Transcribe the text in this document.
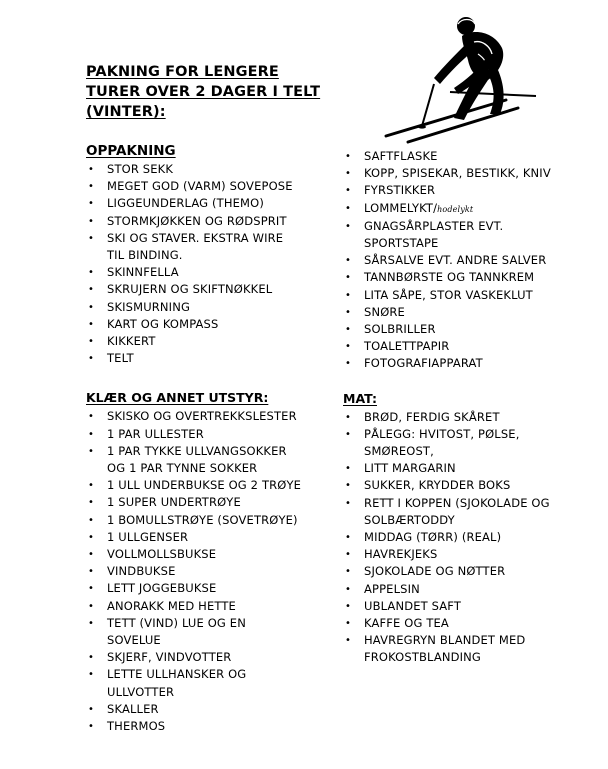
PAKNING FOR LENGERE
TURER OVER 2 DAGER I TELT
(VINTER):
OPPAKNING
• STOR SEKK
• MEGET GOD (VARM) SOVEPOSE
• LIGGEUNDERLAG (THEMO)
• STORMKJØKKEN OG RØDSPRIT
• SKI OG STAVER. EKSTRA WIRE
TIL BINDING.
• SKINNFELLA
• SKRUJERN OG SKIFTNØKKEL
• SKISMURNING
• KART OG KOMPASS
• KIKKERT
• TELT
KLÆR OG ANNET UTSTYR:
• SKISKO OG OVERTREKKSLESTER
• 1 PAR ULLESTER
• 1 PAR TYKKE ULLVANGSOKKER
OG 1 PAR TYNNE SOKKER
• 1 ULL UNDERBUKSE OG 2 TRØYE
• 1 SUPER UNDERTRØYE
• 1 BOMULLSTRØYE (SOVETRØYE)
• 1 ULLGENSER
• VOLLMOLLSBUKSE
• VINDBUKSE
• LETT JOGGEBUKSE
• ANORAKK MED HETTE
• TETT (VIND) LUE OG EN
SOVELUE
• SKJERF, VINDVOTTER
• LETTE ULLHANSKER OG
ULLVOTTER
• SKALLER
• THERMOS
• SAFTFLASKE
• KOPP, SPISEKAR, BESTIKK, KNIV
• FYRSTIKKER
• LOMMELYKT/hodelykt
• GNAGSÅRPLASTER EVT.
SPORTSTAPE
• SÅRSALVE EVT. ANDRE SALVER
• TANNBØRSTE OG TANNKREM
• LITA SÅPE, STOR VASKEKLUT
• SNØRE
• SOLBRILLER
• TOALETTPAPIR
• FOTOGRAFIAPPARAT
MAT:
• BRØD, FERDIG SKÅRET
• PÅLEGG: HVITOST, PØLSE,
SMØREOST,
• LITT MARGARIN
• SUKKER, KRYDDER BOKS
• RETT I KOPPEN (SJOKOLADE OG
SOLBÆRTODDY
• MIDDAG (TØRR) (REAL)
• HAVREKJEKS
• SJOKOLADE OG NØTTER
• APPELSIN
• UBLANDET SAFT
• KAFFE OG TEA
• HAVREGRYN BLANDET MED
FROKOSTBLANDING
